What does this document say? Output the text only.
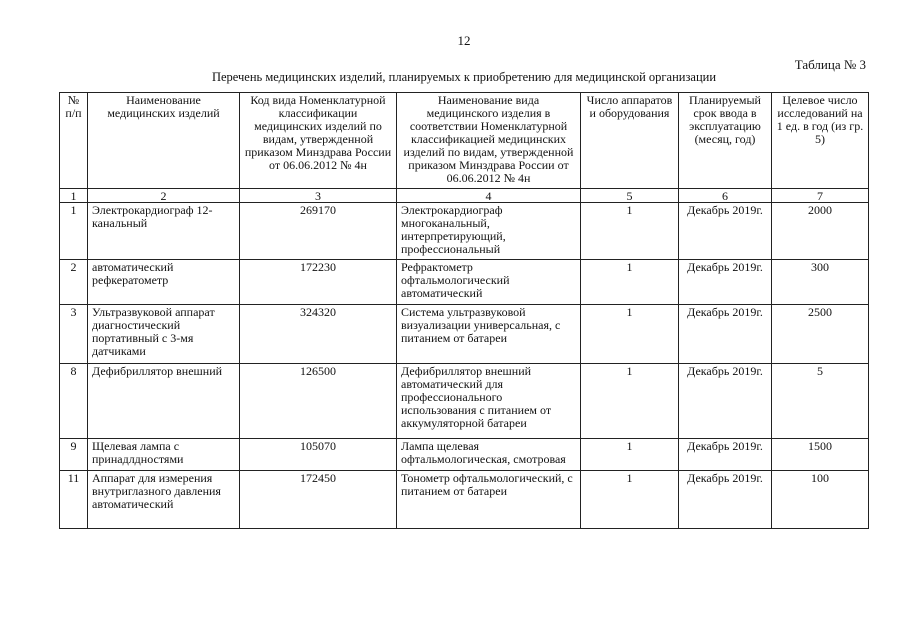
12
Таблица № 3
Перечень медицинских изделий, планируемых к приобретению для медицинской организации
№ п/п	Наименование медицинских изделий	Код вида Номенклатурной классификации медицинских изделий по видам, утвержденной приказом Минздрава России от 06.06.2012 № 4н	Наименование вида медицинского изделия в соответствии Номенклатурной классификацией медицинских изделий по видам, утвержденной приказом Минздрава России от 06.06.2012 № 4н	Число аппаратов и оборудования	Планируемый срок ввода в эксплуатацию (месяц, год)	Целевое число исследований на 1 ед. в год (из гр. 5)
1	2	3	4	5	6	7
1	Электрокардиограф 12-канальный	269170	Электрокардиограф многоканальный, интерпретирующий, профессиональный	1	Декабрь 2019г.	2000
2	автоматический рефкератометр	172230	Рефрактометр офтальмологический автоматический	1	Декабрь 2019г.	300
3	Ультразвуковой аппарат диагностический портативный с 3-мя датчиками	324320	Система ультразвуковой визуализации универсальная, с питанием от батареи	1	Декабрь 2019г.	2500
8	Дефибриллятор внешний	126500	Дефибриллятор внешний автоматический для профессионального использования с питанием от аккумуляторной батареи	1	Декабрь 2019г.	5
9	Щелевая лампа с принадлдностями	105070	Лампа щелевая офтальмологическая, смотровая	1	Декабрь 2019г.	1500
11	Аппарат для измерения внутриглазного давления автоматический	172450	Тонометр офтальмологический, с питанием от батареи	1	Декабрь 2019г.	100
